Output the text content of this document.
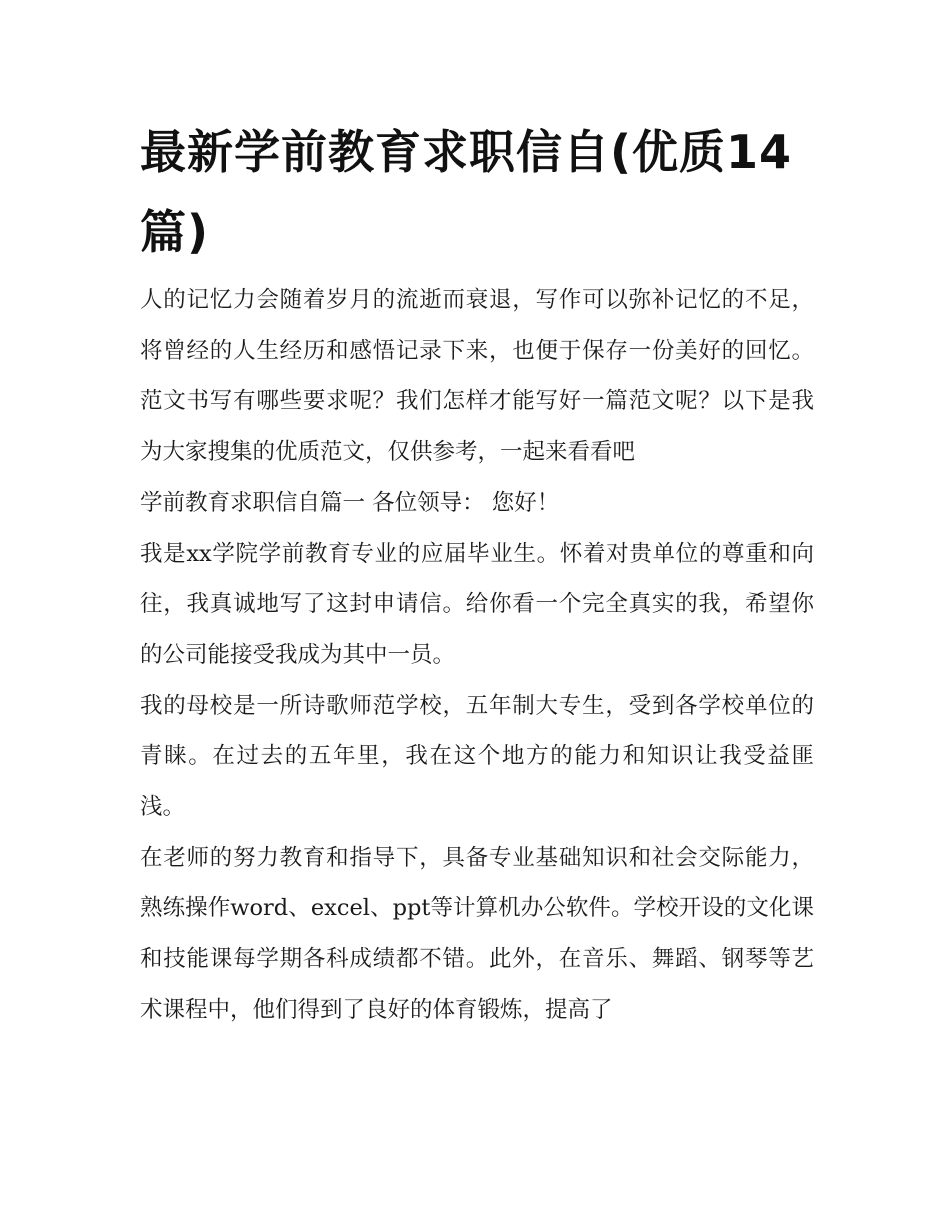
最新学前教育求职信自(优质14篇)

人的记忆力会随着岁月的流逝而衰退，写作可以弥补记忆的不足，将曾经的人生经历和感悟记录下来，也便于保存一份美好的回忆。范文书写有哪些要求呢？我们怎样才能写好一篇范文呢？以下是我为大家搜集的优质范文，仅供参考，一起来看看吧

学前教育求职信自篇一 各位领导： 您好！

我是xx学院学前教育专业的应届毕业生。怀着对贵单位的尊重和向往，我真诚地写了这封申请信。给你看一个完全真实的我，希望你的公司能接受我成为其中一员。

我的母校是一所诗歌师范学校，五年制大专生，受到各学校单位的青睐。在过去的五年里，我在这个地方的能力和知识让我受益匪浅。

在老师的努力教育和指导下，具备专业基础知识和社会交际能力，熟练操作word、excel、ppt等计算机办公软件。学校开设的文化课和技能课每学期各科成绩都不错。此外，在音乐、舞蹈、钢琴等艺术课程中，他们得到了良好的体育锻炼，提高了
